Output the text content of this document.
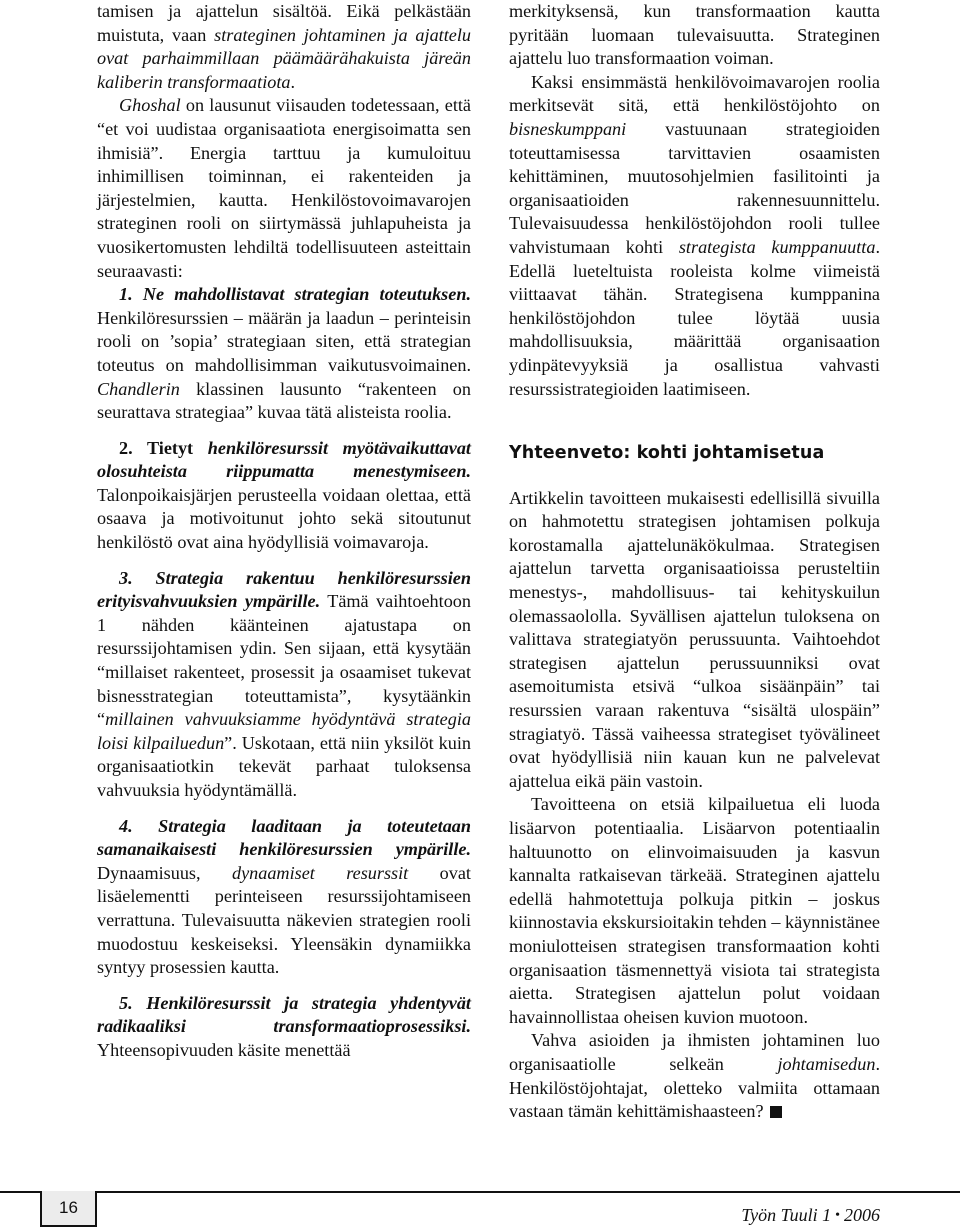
tamisen ja ajattelun sisältöä. Eikä pelkästään muistuta, vaan strateginen johtaminen ja ajattelu ovat parhaimmillaan päämäärähakuista järeän kaliberin transformaatiota.

Ghoshal on lausunut viisauden todetessaan, että “et voi uudistaa organisaatiota energisoimatta sen ihmisiä”. Energia tarttuu ja kumuloituu inhimillisen toiminnan, ei rakenteiden ja järjestelmien, kautta. Henkilöstovoimavarojen strateginen rooli on siirtymässä juhlapuheista ja vuosikertomusten lehdiltä todellisuuteen asteittain seuraavasti:

1. Ne mahdollistavat strategian toteutuksen. Henkilöresurssien – määrän ja laadun – perinteisin rooli on ’sopia’ strategiaan siten, että strategian toteutus on mahdollisimman vaikutusvoimainen. Chandlerin klassinen lausunto “rakenteen on seurattava strategiaa” kuvaa tätä alisteista roolia.

2. Tietyt henkilöresurssit myötävaikuttavat olosuhteista riippumatta menestymiseen. Talonpoikaisjärjen perusteella voidaan olettaa, että osaava ja motivoitunut johto sekä sitoutunut henkilöstö ovat aina hyödyllisiä voimavaroja.

3. Strategia rakentuu henkilöresurssien erityisvahvuuksien ympärille. Tämä vaihtoehtoon 1 nähden käänteinen ajatustapa on resurssijohtamisen ydin. Sen sijaan, että kysytään “millaiset rakenteet, prosessit ja osaamiset tukevat bisnesstrategian toteuttamista”, kysytäänkin “millainen vahvuuksiamme hyödyntävä strategia loisi kilpailuedun”. Uskotaan, että niin yksilöt kuin organisaatiotkin tekevät parhaat tuloksensa vahvuuksia hyödyntämällä.

4. Strategia laaditaan ja toteutetaan samanaikaisesti henkilöresurssien ympärille. Dynaamisuus, dynaamiset resurssit ovat lisäelementti perinteiseen resurssijohtamiseen verrattuna. Tulevaisuutta näkevien strategien rooli muodostuu keskeiseksi. Yleensäkin dynamiikka syntyy prosessien kautta.

5. Henkilöresurssit ja strategia yhdentyvät radikaaliksi transformaatioprosessiksi. Yhteensopivuuden käsite menettää

merkityksensä, kun transformaation kautta pyritään luomaan tulevaisuutta. Strateginen ajattelu luo transformaation voiman.

Kaksi ensimmästä henkilövoimavarojen roolia merkitsevät sitä, että henkilöstöjohto on bisneskumppani vastuunaan strategioiden toteuttamisessa tarvittavien osaamisten kehittäminen, muutosohjelmien fasilitointi ja organisaatioiden rakennesuunnittelu. Tulevaisuudessa henkilöstöjohdon rooli tullee vahvistumaan kohti strategista kumppanuutta. Edellä lueteltuista rooleista kolme viimeistä viittaavat tähän. Strategisena kumppanina henkilöstöjohdon tulee löytää uusia mahdollisuuksia, määrittää organisaation ydinpätevyyksiä ja osallistua vahvasti resurssistrategioiden laatimiseen.

Yhteenveto: kohti johtamisetua

Artikkelin tavoitteen mukaisesti edellisillä sivuilla on hahmotettu strategisen johtamisen polkuja korostamalla ajattelunäkökulmaa. Strategisen ajattelun tarvetta organisaatioissa perusteltiin menestys-, mahdollisuus- tai kehityskuilun olemassaololla. Syvällisen ajattelun tuloksena on valittava strategiatyön perussuunta. Vaihtoehdot strategisen ajattelun perussuunniksi ovat asemoitumista etsivä “ulkoa sisäänpäin” tai resurssien varaan rakentuva “sisältä ulospäin” stragiatyö. Tässä vaiheessa strategiset työvälineet ovat hyödyllisiä niin kauan kun ne palvelevat ajattelua eikä päin vastoin.

Tavoitteena on etsiä kilpailuetua eli luoda lisäarvon potentiaalia. Lisäarvon potentiaalin haltuunotto on elinvoimaisuuden ja kasvun kannalta ratkaisevan tärkeää. Strateginen ajattelu edellä hahmotettuja polkuja pitkin – joskus kiinnostavia ekskursioitakin tehden – käynnistänee moniulotteisen strategisen transformaation kohti organisaation täsmennettyä visiota tai strategista aietta. Strategisen ajattelun polut voidaan havainnollistaa oheisen kuvion muotoon.

Vahva asioiden ja ihmisten johtaminen luo organisaatiolle selkeän johtamisedun. Henkilöstöjohtajat, oletteko valmiita ottamaan vastaan tämän kehittämishaasteen?

16	Työn Tuuli 1 • 2006
